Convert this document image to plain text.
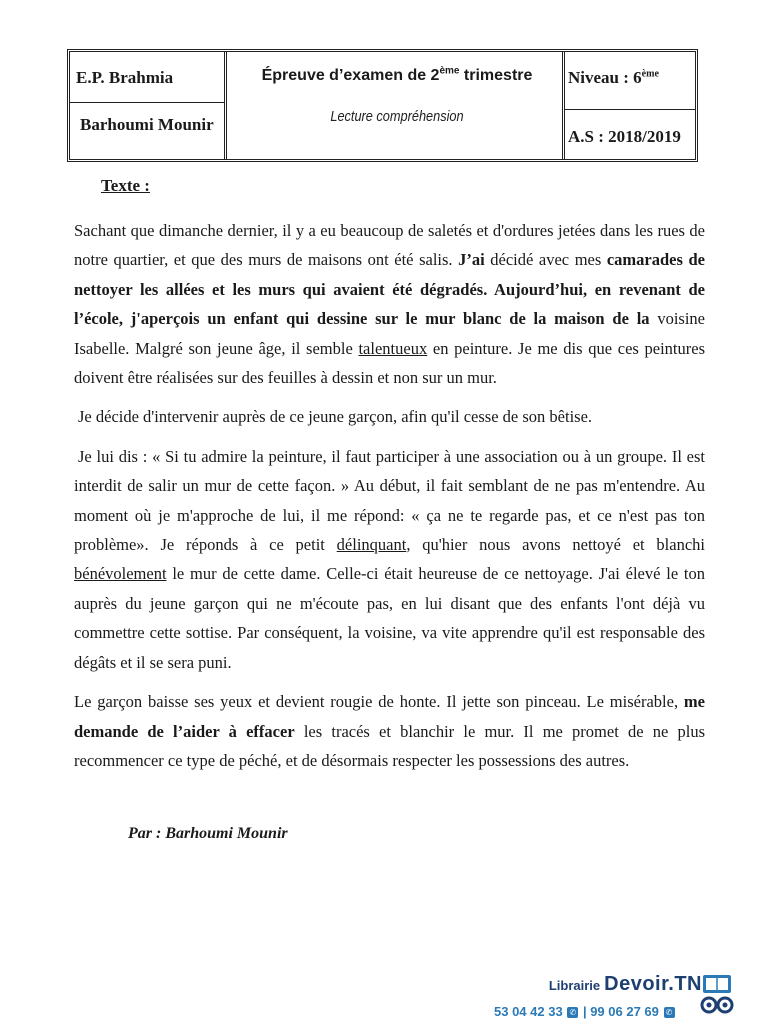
E.P. Brahmia
Barhoumi Mounir
Épreuve d’examen de 2ème trimestre
Lecture compréhension
Niveau : 6ème
A.S : 2018/2019
Texte :

Sachant que dimanche dernier, il y a eu beaucoup de saletés et d'ordures jetées dans les rues de notre quartier, et que des murs de maisons ont été salis. J’ai décidé avec mes camarades de nettoyer les allées et les murs qui avaient été dégradés. Aujourd’hui, en revenant de l’école, j'aperçois un enfant qui dessine sur le mur blanc de la maison de la voisine Isabelle. Malgré son jeune âge, il semble talentueux en peinture. Je me dis que ces peintures doivent être réalisées sur des feuilles à dessin et non sur un mur.

Je décide d'intervenir auprès de ce jeune garçon, afin qu'il cesse de son bêtise.

Je lui dis : « Si tu admire la peinture, il faut participer à une association ou à un groupe. Il est interdit de salir un mur de cette façon. » Au début, il fait semblant de ne pas m'entendre. Au moment où je m'approche de lui, il me répond: « ça ne te regarde pas, et ce n'est pas ton problème». Je réponds à ce petit délinquant, qu'hier nous avons nettoyé et blanchi bénévolement le mur de cette dame. Celle-ci était heureuse de ce nettoyage. J'ai élevé le ton auprès du jeune garçon qui ne m'écoute pas, en lui disant que des enfants l'ont déjà vu commettre cette sottise. Par conséquent, la voisine, va vite apprendre qu'il est responsable des dégâts et il se sera puni.

Le garçon baisse ses yeux et devient rougie de honte. Il jette son pinceau. Le misérable, me demande de l’aider à effacer les tracés et blanchir le mur. Il me promet de ne plus recommencer ce type de péché, et de désormais respecter les possessions des autres.

Par : Barhoumi Mounir
Librairie Devoir.TN
53 04 42 33 ✆ | 99 06 27 69 ✆
